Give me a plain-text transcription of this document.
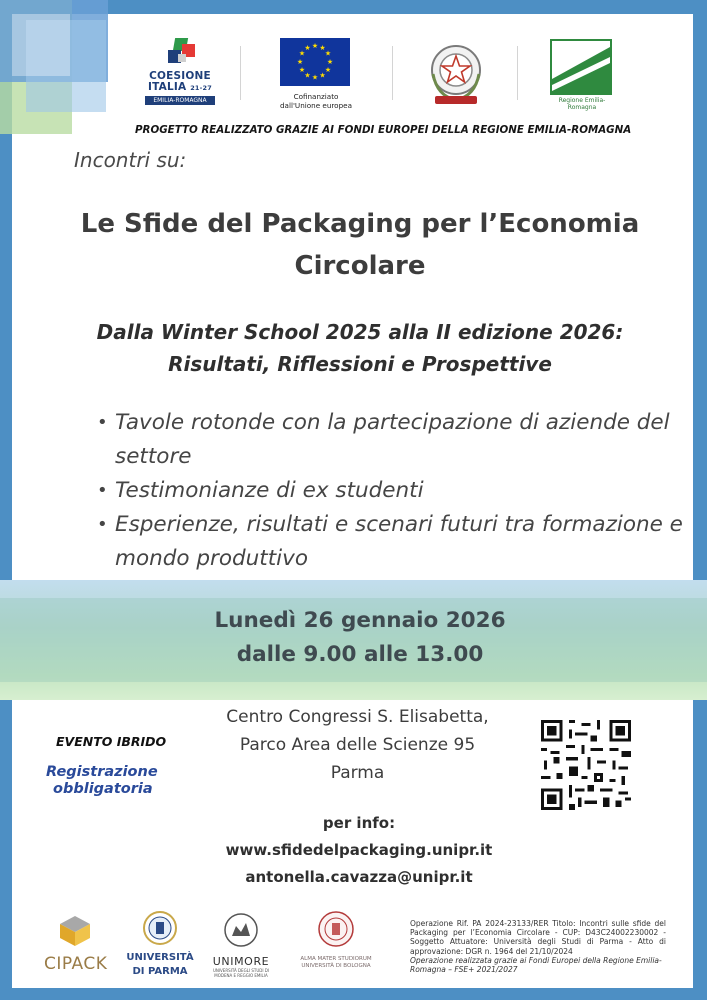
COESIONE
ITALIA 21-27
EMILIA-ROMAGNA
★ ★
★
★
★
★
★
★
★
★
★
★
Cofinanziato
dall'Unione europea
Regione Emilia-Romagna
PROGETTO REALIZZATO GRAZIE AI FONDI EUROPEI DELLA REGIONE EMILIA-ROMAGNA
Incontri su:
Le Sfide del Packaging per l’Economia
Circolare
Dalla Winter School 2025 alla II edizione 2026:
Risultati, Riflessioni e Prospettive
• Tavole rotonde con la partecipazione di aziende del settore
• Testimonianze di ex studenti
• Esperienze, risultati e scenari futuri tra formazione e mondo produttivo
Lunedì 26 gennaio 2026
dalle 9.00 alle 13.00
EVENTO IBRIDO
Registrazione
obbligatoria
Centro Congressi S. Elisabetta,
Parco Area delle Scienze 95
Parma
per info:
www.sfidedelpackaging.unipr.it
antonella.cavazza@unipr.it
CIPACK UNIVERSITÀ
DI PARMA
UNIMORE
UNIVERSITÀ DEGLI STUDI DI MODENA E REGGIO EMILIA
ALMA MATER STUDIORUM
UNIVERSITÀ DI BOLOGNA
Operazione Rif. PA 2024-23133/RER Titolo: Incontri sulle sfide del Packaging per l’Economia Circolare - CUP: D43C24002230002 - Soggetto Attuatore: Università degli Studi di Parma - Atto di approvazione: DGR n. 1964 del 21/10/2024
Operazione realizzata grazie ai Fondi Europei della Regione Emilia-Romagna – FSE+ 2021/2027
